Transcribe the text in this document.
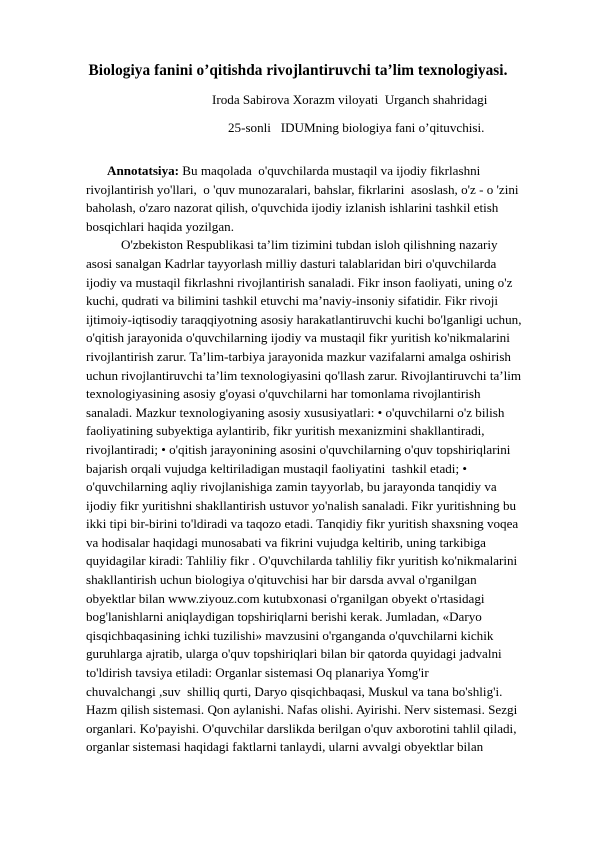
Biologiya fanini o’qitishda rivojlantiruvchi ta’lim texnologiyasi.
Iroda Sabirova Xorazm viloyati  Urganch shahridagi
25-sonli   IDUMning biologiya fani o’qituvchisi.
Annotatsiya: Bu maqolada  o'quvchilarda mustaqil va ijodiy fikrlashni
rivojlantirish yo'llari,  o 'quv munozaralari, bahslar, fikrlarini  asoslash, o'z - o 'zini
baholash, o'zaro nazorat qilish, o'quvchida ijodiy izlanish ishlarini tashkil etish
bosqichlari haqida yozilgan.
O'zbekiston Respublikasi ta’lim tizimini tubdan isloh qilishning nazariy
asosi sanalgan Kadrlar tayyorlash milliy dasturi talablaridan biri o'quvchilarda
ijodiy va mustaqil fikrlashni rivojlantirish sanaladi. Fikr inson faoliyati, uning o'z
kuchi, qudrati va bilimini tashkil etuvchi ma’naviy-insoniy sifatidir. Fikr rivoji
ijtimoiy-iqtisodiy taraqqiyotning asosiy harakatlantiruvchi kuchi bo'lganligi uchun,
o'qitish jarayonida o'quvchilarning ijodiy va mustaqil fikr yuritish ko'nikmalarini
rivojlantirish zarur. Ta’lim-tarbiya jarayonida mazkur vazifalarni amalga oshirish
uchun rivojlantiruvchi ta’lim texnologiyasini qo'llash zarur. Rivojlantiruvchi ta’lim
texnologiyasining asosiy g'oyasi o'quvchilarni har tomonlama rivojlantirish
sanaladi. Mazkur texnologiyaning asosiy xususiyatlari: • o'quvchilarni o'z bilish
faoliyatining subyektiga aylantirib, fikr yuritish mexanizmini shakllantiradi,
rivojlantiradi; • o'qitish jarayonining asosini o'quvchilarning o'quv topshiriqlarini
bajarish orqali vujudga keltiriladigan mustaqil faoliyatini  tashkil etadi; •
o'quvchilarning aqliy rivojlanishiga zamin tayyorlab, bu jarayonda tanqidiy va
ijodiy fikr yuritishni shakllantirish ustuvor yo'nalish sanaladi. Fikr yuritishning bu
ikki tipi bir-birini to'ldiradi va taqozo etadi. Tanqidiy fikr yuritish shaxsning voqea
va hodisalar haqidagi munosabati va fikrini vujudga keltirib, uning tarkibiga
quyidagilar kiradi: Tahliliy fikr . O'quvchilarda tahliliy fikr yuritish ko'nikmalarini
shakllantirish uchun biologiya o'qituvchisi har bir darsda avval o'rganilgan
obyektlar bilan www.ziyouz.com kutubxonasi o'rganilgan obyekt o'rtasidagi
bog'lanishlarni aniqlaydigan topshiriqlarni berishi kerak. Jumladan, «Daryo
qisqichbaqasining ichki tuzilishi» mavzusini o'rganganda o'quvchilarni kichik
guruhlarga ajratib, ularga o'quv topshiriqlari bilan bir qatorda quyidagi jadvalni
to'ldirish tavsiya etiladi: Organlar sistemasi Oq planariya Yomg'ir
chuvalchangi ,suv  shilliq qurti, Daryo qisqichbaqasi, Muskul va tana bo'shlig'i.
Hazm qilish sistemasi. Qon aylanishi. Nafas olishi. Ayirishi. Nerv sistemasi. Sezgi
organlari. Ko'payishi. O'quvchilar darslikda berilgan o'quv axborotini tahlil qiladi,
organlar sistemasi haqidagi faktlarni tanlaydi, ularni avvalgi obyektlar bilan
